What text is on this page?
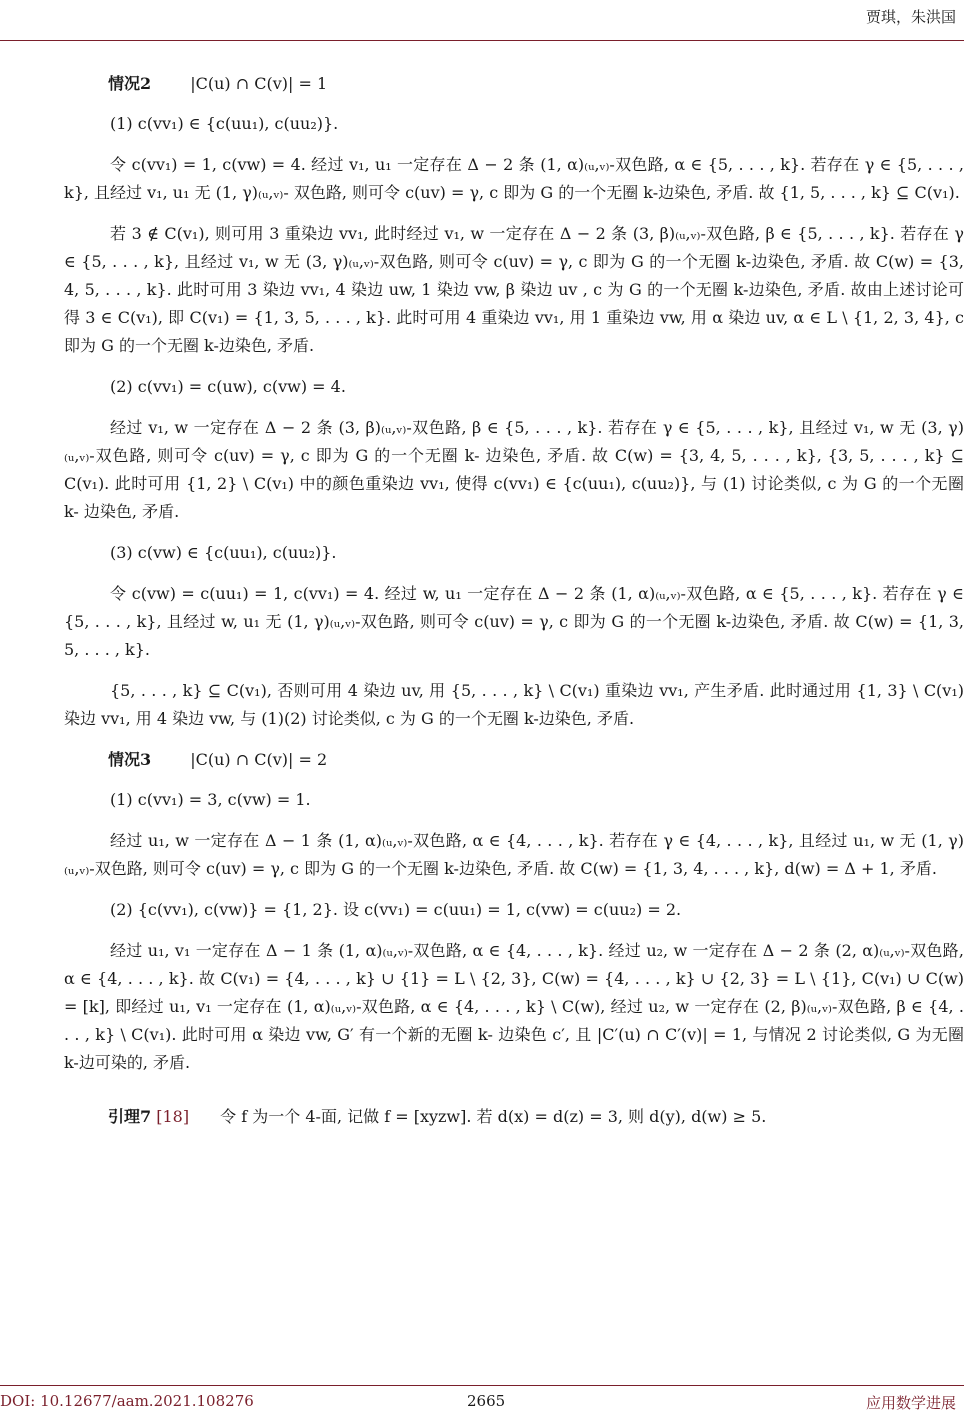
贾琪，朱洪国
情况2 |C(u) ∩ C(v)| = 1

(1) c(vv₁) ∈ {c(uu₁), c(uu₂)}.

令 c(vv₁) = 1, c(vw) = 4. 经过 v₁, u₁ 一定存在 Δ − 2 条 (1, α)₍ᵤ,ᵥ₎-双色路, α ∈ {5, . . . , k}. 若存在 γ ∈ {5, . . . , k}, 且经过 v₁, u₁ 无 (1, γ)₍ᵤ,ᵥ₎- 双色路, 则可令 c(uv) = γ, c 即为 G 的一个无圈 k-边染色, 矛盾. 故 {1, 5, . . . , k} ⊆ C(v₁).

若 3 ∉ C(v₁), 则可用 3 重染边 vv₁, 此时经过 v₁, w 一定存在 Δ − 2 条 (3, β)₍ᵤ,ᵥ₎-双色路, β ∈ {5, . . . , k}. 若存在 γ ∈ {5, . . . , k}, 且经过 v₁, w 无 (3, γ)₍ᵤ,ᵥ₎-双色路, 则可令 c(uv) = γ, c 即为 G 的一个无圈 k-边染色, 矛盾. 故 C(w) = {3, 4, 5, . . . , k}. 此时可用 3 染边 vv₁, 4 染边 uw, 1 染边 vw, β 染边 uv , c 为 G 的一个无圈 k-边染色, 矛盾. 故由上述讨论可得 3 ∈ C(v₁), 即 C(v₁) = {1, 3, 5, . . . , k}. 此时可用 4 重染边 vv₁, 用 1 重染边 vw, 用 α 染边 uv, α ∈ L \ {1, 2, 3, 4}, c 即为 G 的一个无圈 k-边染色, 矛盾.

(2) c(vv₁) = c(uw), c(vw) = 4.

经过 v₁, w 一定存在 Δ − 2 条 (3, β)₍ᵤ,ᵥ₎-双色路, β ∈ {5, . . . , k}. 若存在 γ ∈ {5, . . . , k}, 且经过 v₁, w 无 (3, γ)₍ᵤ,ᵥ₎-双色路, 则可令 c(uv) = γ, c 即为 G 的一个无圈 k- 边染色, 矛盾. 故 C(w) = {3, 4, 5, . . . , k}, {3, 5, . . . , k} ⊆ C(v₁). 此时可用 {1, 2} \ C(v₁) 中的颜色重染边 vv₁, 使得 c(vv₁) ∈ {c(uu₁), c(uu₂)}, 与 (1) 讨论类似, c 为 G 的一个无圈 k- 边染色, 矛盾.

(3) c(vw) ∈ {c(uu₁), c(uu₂)}.

令 c(vw) = c(uu₁) = 1, c(vv₁) = 4. 经过 w, u₁ 一定存在 Δ − 2 条 (1, α)₍ᵤ,ᵥ₎-双色路, α ∈ {5, . . . , k}. 若存在 γ ∈ {5, . . . , k}, 且经过 w, u₁ 无 (1, γ)₍ᵤ,ᵥ₎-双色路, 则可令 c(uv) = γ, c 即为 G 的一个无圈 k-边染色, 矛盾. 故 C(w) = {1, 3, 5, . . . , k}.

{5, . . . , k} ⊆ C(v₁), 否则可用 4 染边 uv, 用 {5, . . . , k} \ C(v₁) 重染边 vv₁, 产生矛盾. 此时通过用 {1, 3} \ C(v₁) 染边 vv₁, 用 4 染边 vw, 与 (1)(2) 讨论类似, c 为 G 的一个无圈 k-边染色, 矛盾.

情况3 |C(u) ∩ C(v)| = 2

(1) c(vv₁) = 3, c(vw) = 1.

经过 u₁, w 一定存在 Δ − 1 条 (1, α)₍ᵤ,ᵥ₎-双色路, α ∈ {4, . . . , k}. 若存在 γ ∈ {4, . . . , k}, 且经过 u₁, w 无 (1, γ)₍ᵤ,ᵥ₎-双色路, 则可令 c(uv) = γ, c 即为 G 的一个无圈 k-边染色, 矛盾. 故 C(w) = {1, 3, 4, . . . , k}, d(w) = Δ + 1, 矛盾.

(2) {c(vv₁), c(vw)} = {1, 2}. 设 c(vv₁) = c(uu₁) = 1, c(vw) = c(uu₂) = 2.

经过 u₁, v₁ 一定存在 Δ − 1 条 (1, α)₍ᵤ,ᵥ₎-双色路, α ∈ {4, . . . , k}. 经过 u₂, w 一定存在 Δ − 2 条 (2, α)₍ᵤ,ᵥ₎-双色路, α ∈ {4, . . . , k}. 故 C(v₁) = {4, . . . , k} ∪ {1} = L \ {2, 3}, C(w) = {4, . . . , k} ∪ {2, 3} = L \ {1}, C(v₁) ∪ C(w) = [k], 即经过 u₁, v₁ 一定存在 (1, α)₍ᵤ,ᵥ₎-双色路, α ∈ {4, . . . , k} \ C(w), 经过 u₂, w 一定存在 (2, β)₍ᵤ,ᵥ₎-双色路, β ∈ {4, . . . , k} \ C(v₁). 此时可用 α 染边 vw, G′ 有一个新的无圈 k- 边染色 c′, 且 |C′(u) ∩ C′(v)| = 1, 与情况 2 讨论类似, G 为无圈 k-边可染的, 矛盾.

引理7 [18] 令 f 为一个 4-面, 记做 f = [xyzw]. 若 d(x) = d(z) = 3, 则 d(y), d(w) ≥ 5.
DOI: 10.12677/aam.2021.108276	2665	应用数学进展
